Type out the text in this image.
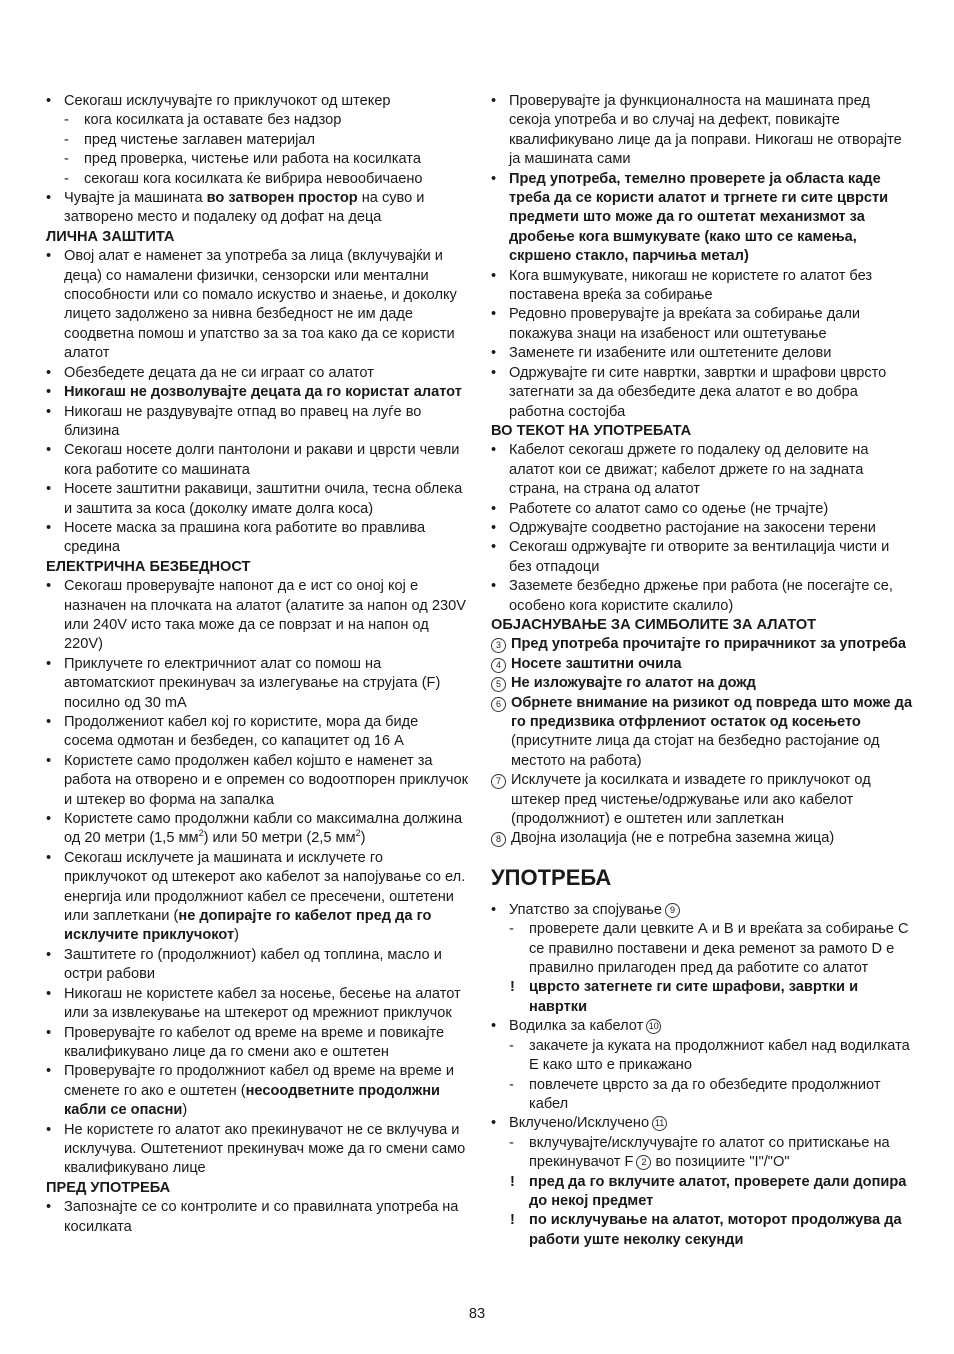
• Секогаш исклучувајте го приклучокот од штекер
- кога косилката ја оставате без надзор
- пред чистење заглавен материјал
- пред проверка, чистење или работа на косилката
- секогаш кога косилката ќе вибрира невообичаено
• Чувајте ја машината во затворен простор на суво и затворено место и подалеку од дофат на деца
ЛИЧНА ЗАШТИТА
• Овој алат е наменет за употреба за лица (вклучувајќи и деца) со намалени физички, сензорски или ментални способности или со помало искуство и знаење, и доколку лицето задолжено за нивна безбедност не им даде соодветна помош и упатство за за тоа како да се користи алатот
• Обезбедете децата да не си играат со алатот
• Никогаш не дозволувајте децата да го користат алатот
• Никогаш не раздувувајте отпад во правец на луѓе во близина
• Секогаш носете долги пантолони и ракави и цврсти чевли кога работите со машината
• Носете заштитни ракавици, заштитни очила, тесна облека и заштита за коса (доколку имате долга коса)
• Носете маска за прашина кога работите во правлива средина
ЕЛЕКТРИЧНА БЕЗБЕДНОСТ
• Секогаш проверувајте напонот да е ист со оној кој е назначен на плочката на алатот (алатите за напон од 230V или 240V исто така може да се поврзат и на напон од 220V)
• Приклучете го електричниот алат со помош на автоматскиот прекинувач за излегување на струјата (F) посилно од 30 mA
• Продолжениот кабел кој го користите, мора да биде сосема одмотан и безбеден, со капацитет од 16 A
• Користете само продолжен кабел којшто е наменет за работа на отворено и е опремен со водоотпорен приклучок и штекер во форма на запалка
• Користете само продолжни кабли со максимална должина од 20 метри (1,5 $мм^2$) или 50 метри (2,5 $мм^2$)
• Секогаш исклучете ја машината и исклучете го приклучокот од штекерот ако кабелот за напојување со ел. енергија или продолжниот кабел се пресечени, оштетени или заплеткани (не допирајте го кабелот пред да го исклучите приклучокот)
• Заштитете го (продолжниот) кабел од топлина, масло и остри рабови
• Никогаш не користете кабел за носење, бесење на алатот или за извлекување на штекерот од мрежниот приклучок
• Проверувајте го кабелот од време на време и повикајте квалификувано лице да го смени ако е оштетен
• Проверувајте го продолжниот кабел од време на време и сменете го ако е оштетен (несоодветните продолжни кабли се опасни)
• Не користете го алатот ако прекинувачот не се вклучува и исклучува. Оштетениот прекинувач може да го смени само квалификувано лице
ПРЕД УПОТРЕБА
• Запознајте се со контролите и со правилната употреба на косилката
• Проверувајте ја функционалноста на машината пред секоја употреба и во случај на дефект, повикајте квалификувано лице да ја поправи. Никогаш не отворајте ја машината сами
• Пред употреба, темелно проверете ја областа каде треба да се користи алатот и тргнете ги сите цврсти предмети што може да го оштетат механизмот за дробење кога вшмукувате (како што се камења, скршено стакло, парчиња метал)
• Кога вшмукувате, никогаш не користете го алатот без поставена вреќа за собирање
• Редовно проверувајте ја вреќата за собирање дали покажува знаци на изабеност или оштетување
• Заменете ги изабените или оштетените делови
• Одржувајте ги сите навртки, завртки и шрафови цврсто затегнати за да обезбедите дека алатот е во добра работна состојба
ВО ТЕКОТ НА УПОТРЕБАТА
• Кабелот секогаш држете го подалеку од деловите на алатот кои се движат; кабелот држете го на задната страна, на страна од алатот
• Работете со алатот само со одење (не трчајте)
• Одржувајте соодветно растојание на закосени терени
• Секогаш одржувајте ги отворите за вентилација чисти и без отпадоци
• Заземете безбедно држење при работа (не посегајте се, особено кога користите скалило)
ОБЈАСНУВАЊЕ ЗА СИМБОЛИТЕ ЗА АЛАТОТ
3 Пред употреба прочитајте го прирачникот за употреба
4 Носете заштитни очила
5 Не изложувајте го алатот на дожд
6 Обрнете внимание на ризикот од повреда што може да го предизвика отфрлениот остаток од косењето (присутните лица да стојат на безбедно растојание од местото на работа)
7 Исклучете ја косилката и извадете го приклучокот од штекер пред чистење/одржување или ако кабелот (продолжниот) е оштетен или заплеткан
8 Двојна изолација (не е потребна заземна жица)
УПОТРЕБА
• Упатство за спојување 9
- проверете дали цевките А и B и вреќата за собирање C се правилно поставени и дека ременот за рамото D е правилно прилагоден пред да работите со алатот
! цврсто затегнете ги сите шрафови, завртки и навртки
• Водилка за кабелот 10
- закачете ја куката на продолжниот кабел над водилката E како што е прикажано
- повлечете цврсто за да го обезбедите продолжниот кабел
• Вклучено/Исклучено 11
- вклучувајте/исклучувајте го алатот со притискање на прекинувачот F 2 во позициите "I"/"O"
! пред да го вклучите алатот, проверете дали допира до некој предмет
! по исклучување на алатот, моторот продолжува да работи уште неколку секунди
83
